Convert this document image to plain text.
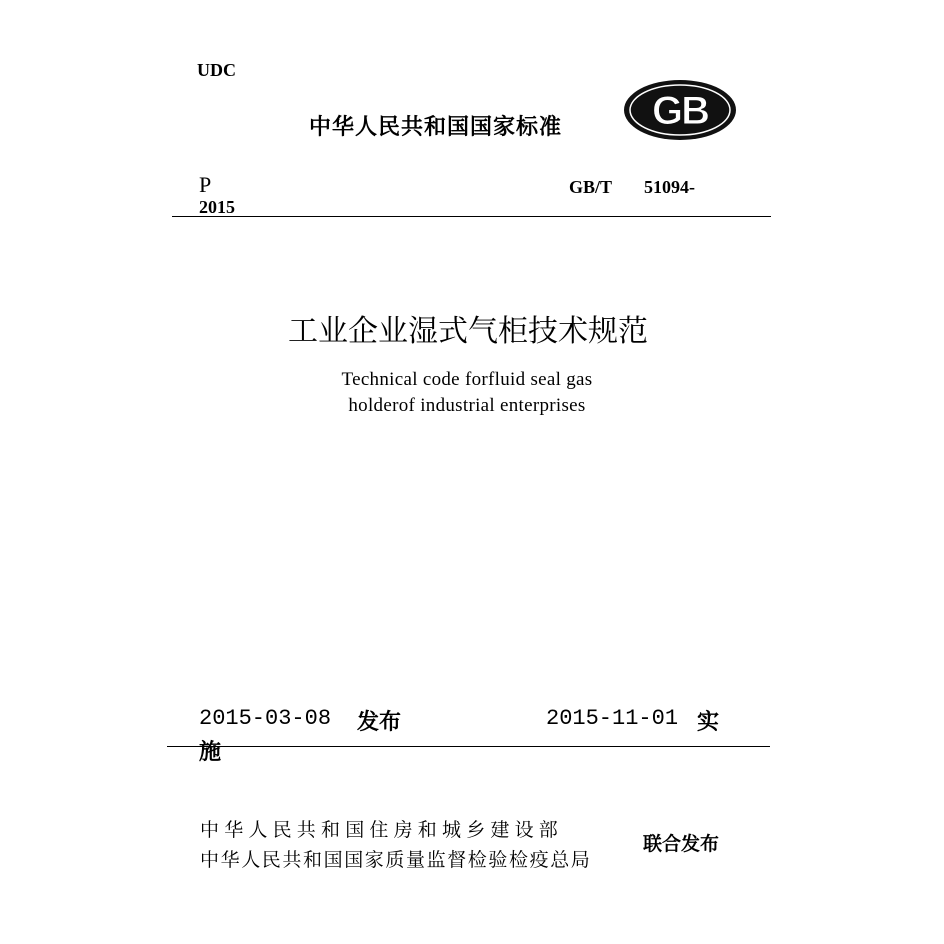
UDC
中华人民共和国国家标准 GB
P
2015
GB/T 51094-
工业企业湿式气柜技术规范
Technical code forfluid seal gas
holderof industrial enterprises
2015-03-08 发布	2015-11-01 实
施
中华人民共和国住房和城乡建设部
中华人民共和国国家质量监督检验检疫总局
联合发布
